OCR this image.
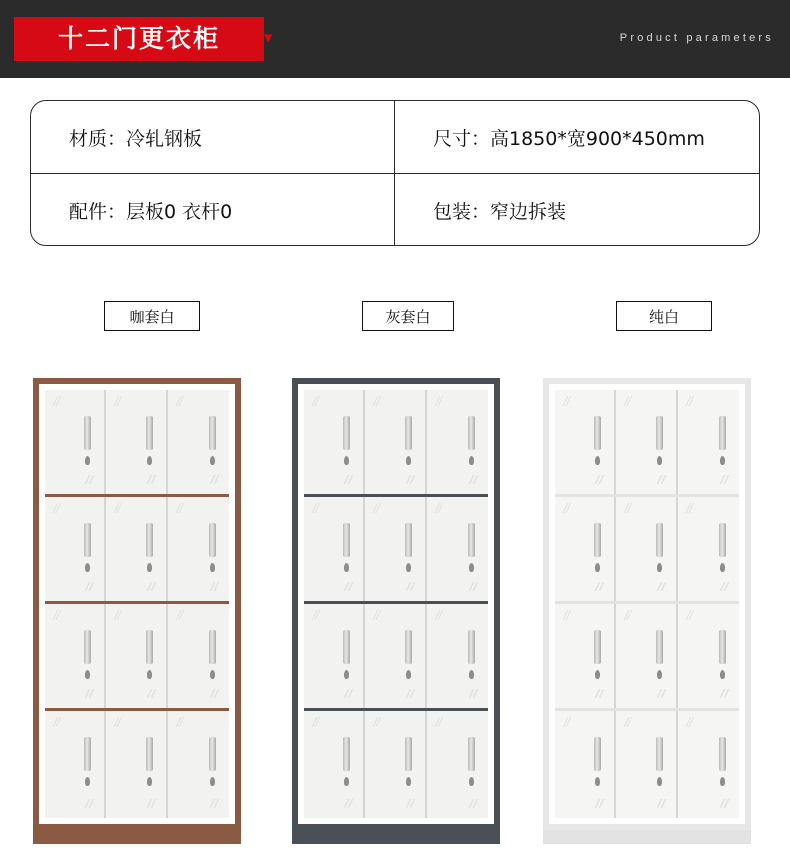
十二门更衣柜	▾	Product parameters
材质：冷轧钢板	尺寸：高1850*宽900*450mm
配件：层板0 衣杆0	包装：窄边拆装
咖套白	灰套白	纯白
